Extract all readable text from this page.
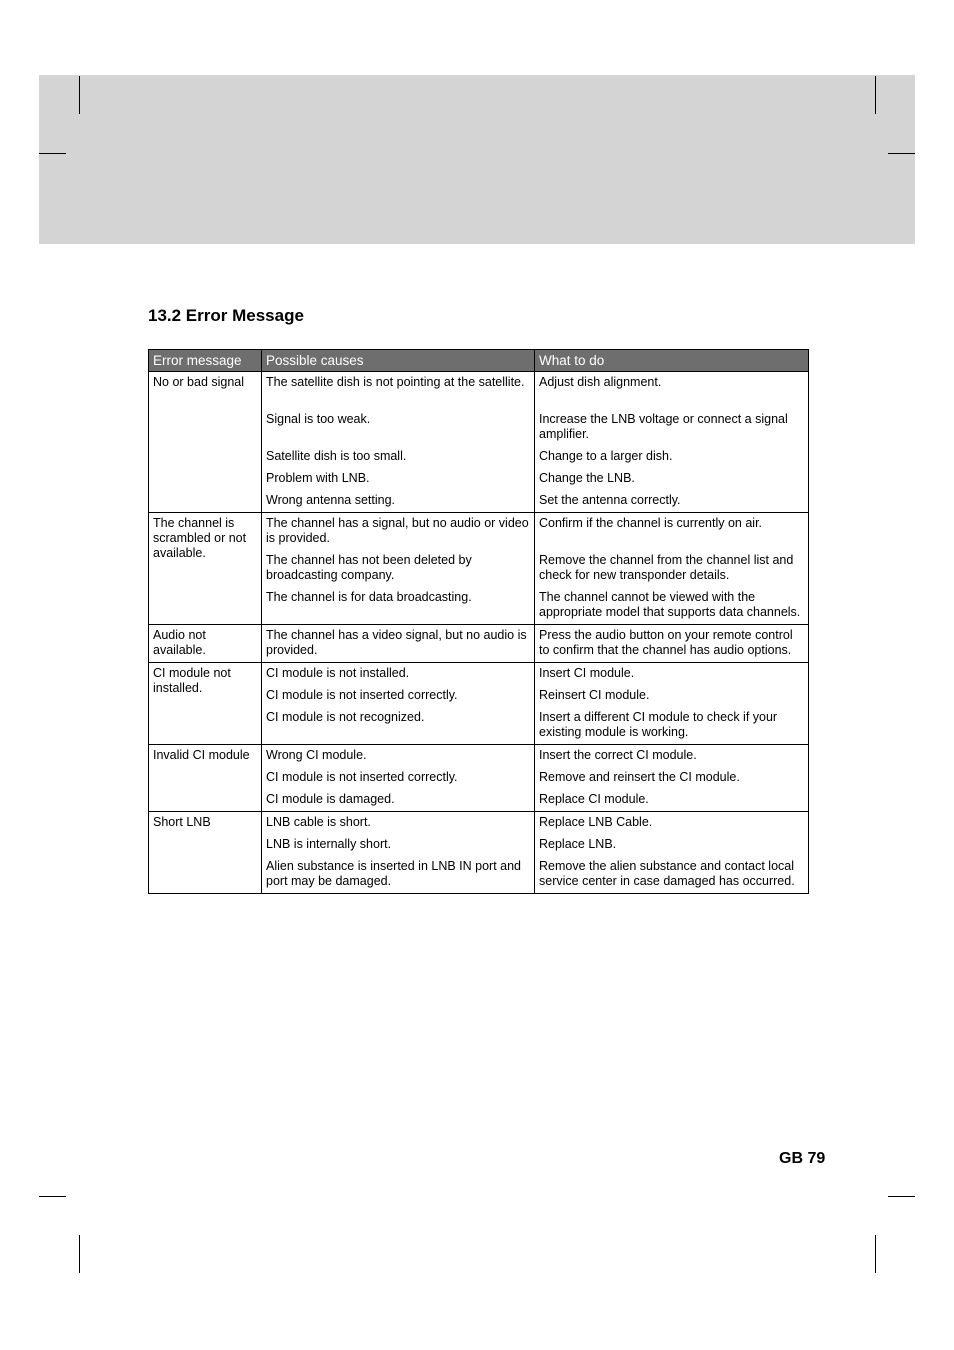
13.2 Error Message
Error message	Possible causes	What to do
No or bad signal	The satellite dish is not pointing at the satellite.	Adjust dish alignment.
	Signal is too weak.	Increase the LNB voltage or connect a signal amplifier.
	Satellite dish is too small.	Change to a larger dish.
	Problem with LNB.	Change the LNB.
	Wrong antenna setting.	Set the antenna correctly.
The channel is scrambled or not available.	The channel has a signal, but no audio or video is provided.	Confirm if the channel is currently on air.
	The channel has not been deleted by broadcasting company.	Remove the channel from the channel list and check for new transponder details.
	The channel is for data broadcasting.	The channel cannot be viewed with the appropriate model that supports data channels.
Audio not available.	The channel has a video signal, but no audio is provided.	Press the audio button on your remote control to confirm that the channel has audio options.
CI module not installed.	CI module is not installed.	Insert CI module.
	CI module is not inserted correctly.	Reinsert CI module.
	CI module is not recognized.	Insert a different CI module to check if your existing module is working.
Invalid CI module	Wrong CI module.	Insert the correct CI module.
	CI module is not inserted correctly.	Remove and reinsert the CI module.
	CI module is damaged.	Replace CI module.
Short LNB	LNB cable is short.	Replace LNB Cable.
	LNB is internally short.	Replace LNB.
	Alien substance is inserted in LNB IN port and port may be damaged.	Remove the alien substance and contact local service center in case damaged has occurred.
GB 79
